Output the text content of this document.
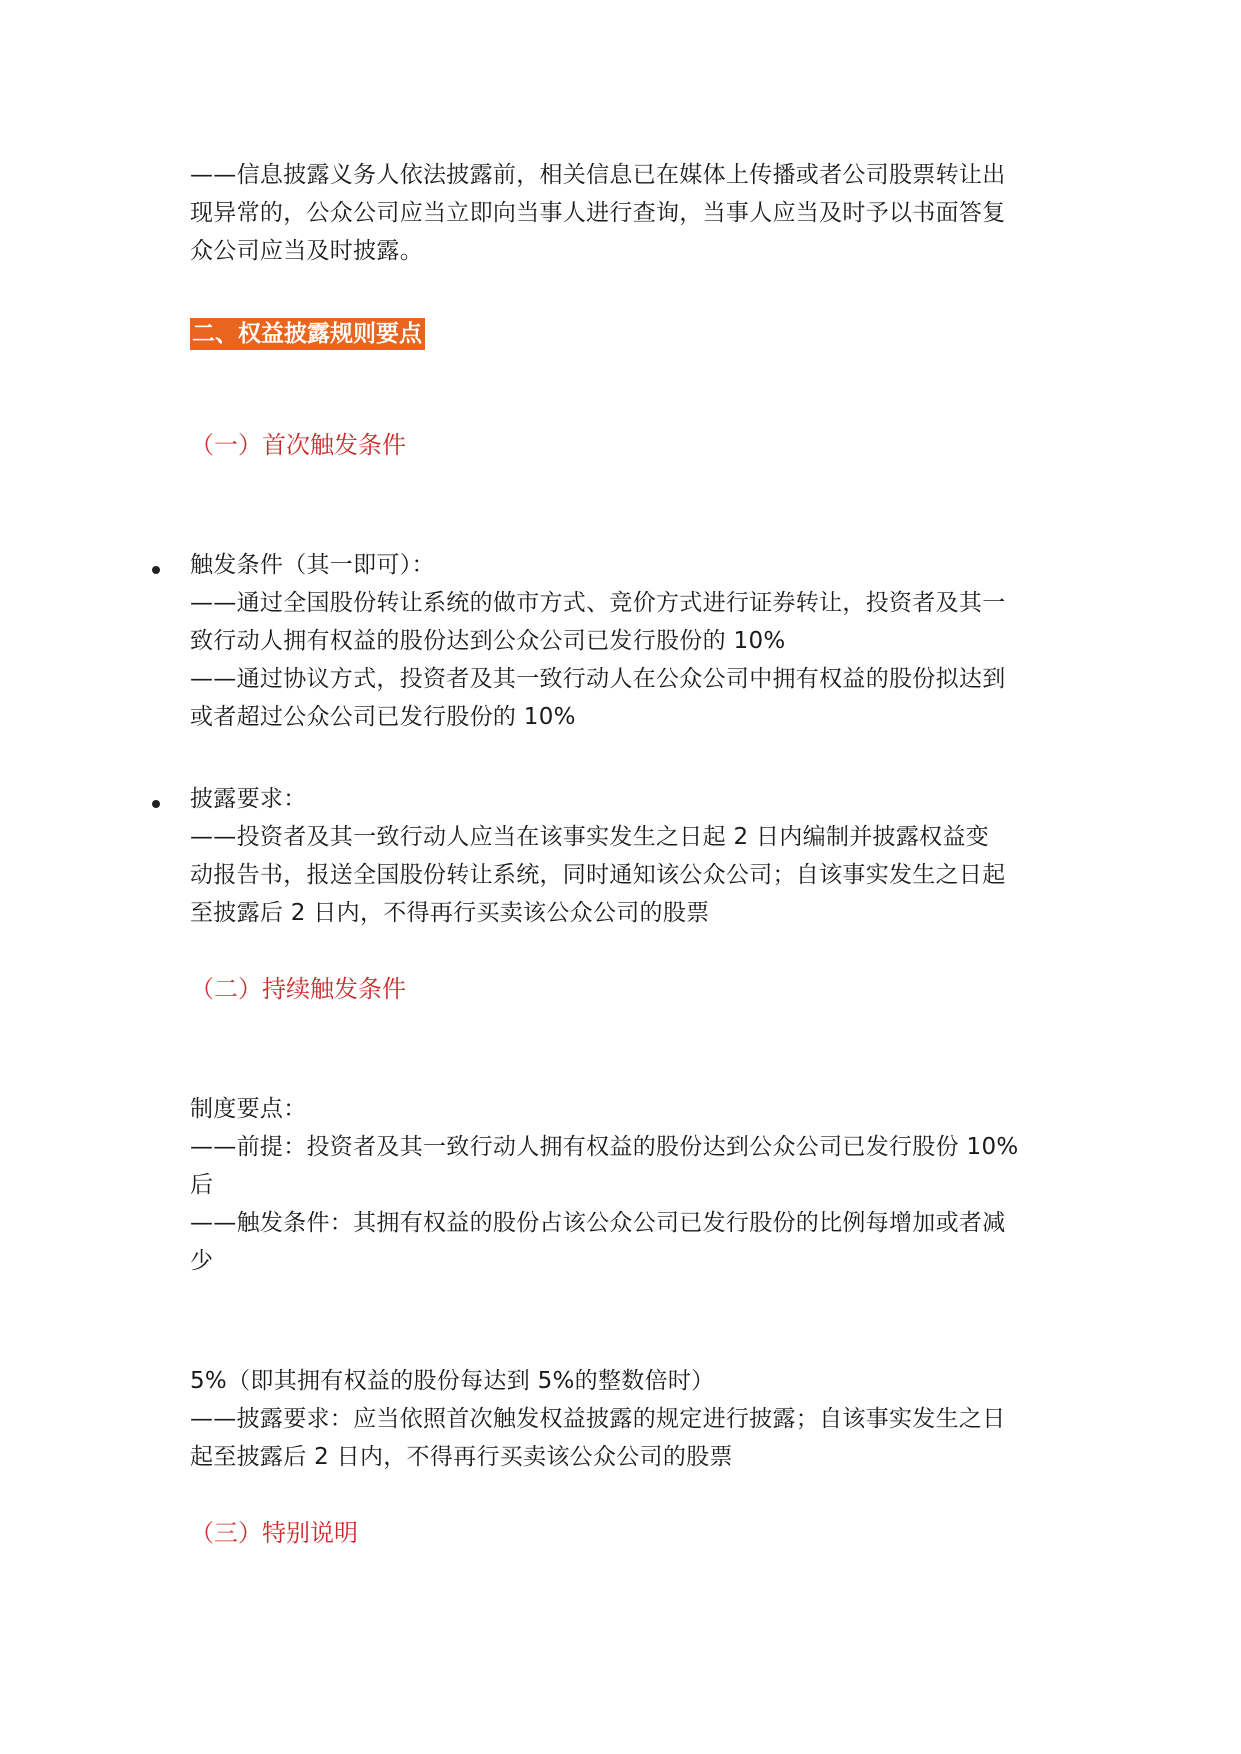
——信息披露义务人依法披露前，相关信息已在媒体上传播或者公司股票转让出
现异常的，公众公司应当立即向当事人进行查询，当事人应当及时予以书面答复
众公司应当及时披露。
二、权益披露规则要点
（一）首次触发条件
触发条件（其一即可）：
——通过全国股份转让系统的做市方式、竞价方式进行证券转让，投资者及其一
致行动人拥有权益的股份达到公众公司已发行股份的 10%
——通过协议方式，投资者及其一致行动人在公众公司中拥有权益的股份拟达到
或者超过公众公司已发行股份的 10%
披露要求：
——投资者及其一致行动人应当在该事实发生之日起 2 日内编制并披露权益变
动报告书，报送全国股份转让系统，同时通知该公众公司；自该事实发生之日起
至披露后 2 日内，不得再行买卖该公众公司的股票
（二）持续触发条件
制度要点：
——前提：投资者及其一致行动人拥有权益的股份达到公众公司已发行股份 10%
后
——触发条件：其拥有权益的股份占该公众公司已发行股份的比例每增加或者减
少
5%（即其拥有权益的股份每达到 5%的整数倍时）
——披露要求：应当依照首次触发权益披露的规定进行披露；自该事实发生之日
起至披露后 2 日内，不得再行买卖该公众公司的股票
（三）特别说明
